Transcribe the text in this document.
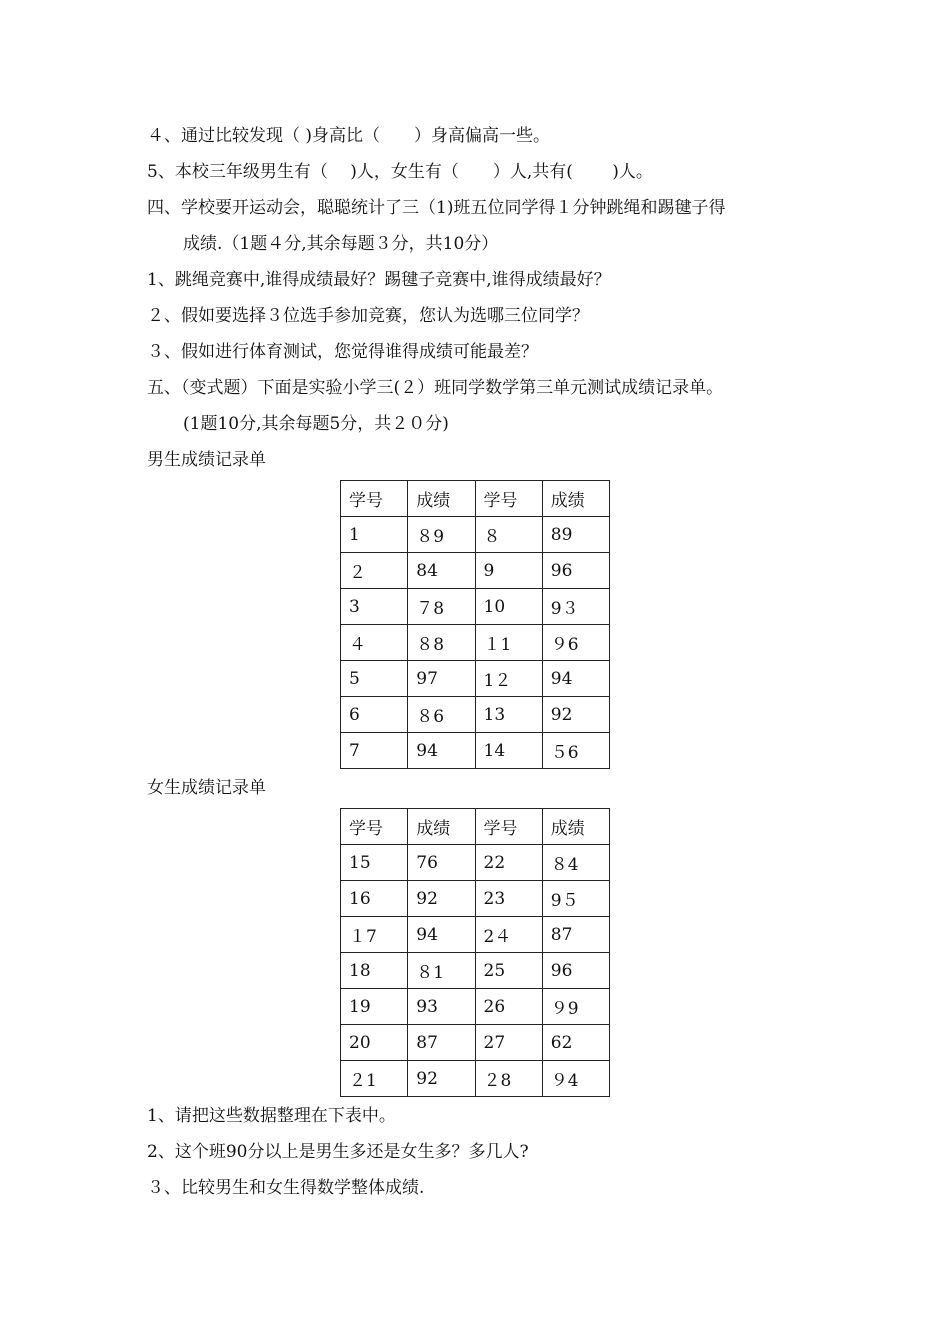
４、通过比较发现（ )身高比（　　）身高偏高一些。
5、本校三年级男生有（　 )人，女生有（　　）人,共有(　　 )人。
四、学校要开运动会，聪聪统计了三（1)班五位同学得１分钟跳绳和踢毽子得
成绩.（1题４分,其余每题３分，共10分）
1、跳绳竞赛中,谁得成绩最好？踢毽子竞赛中,谁得成绩最好？
２、假如要选择３位选手参加竞赛，您认为选哪三位同学？
３、假如进行体育测试，您觉得谁得成绩可能最差？
五、（变式题）下面是实验小学三(２）班同学数学第三单元测试成绩记录单。
(1题10分,其余每题5分，共２０分)
男生成绩记录单
学号	成绩	学号	成绩
1	８9	８	89
２	84	9	96
3	７8	10	9３
４	８8	１1	９6
5	97	1２	94
6	８6	13	92
7	94	14	５6
女生成绩记录单
学号	成绩	学号	成绩
15	76	22	８4
16	92	23	9５
１7	94	2４	87
18	８1	25	96
19	93	26	９9
20	87	27	62
２1	92	２8	９4
1、请把这些数据整理在下表中。
2、这个班90分以上是男生多还是女生多？多几人?
３、比较男生和女生得数学整体成绩.
